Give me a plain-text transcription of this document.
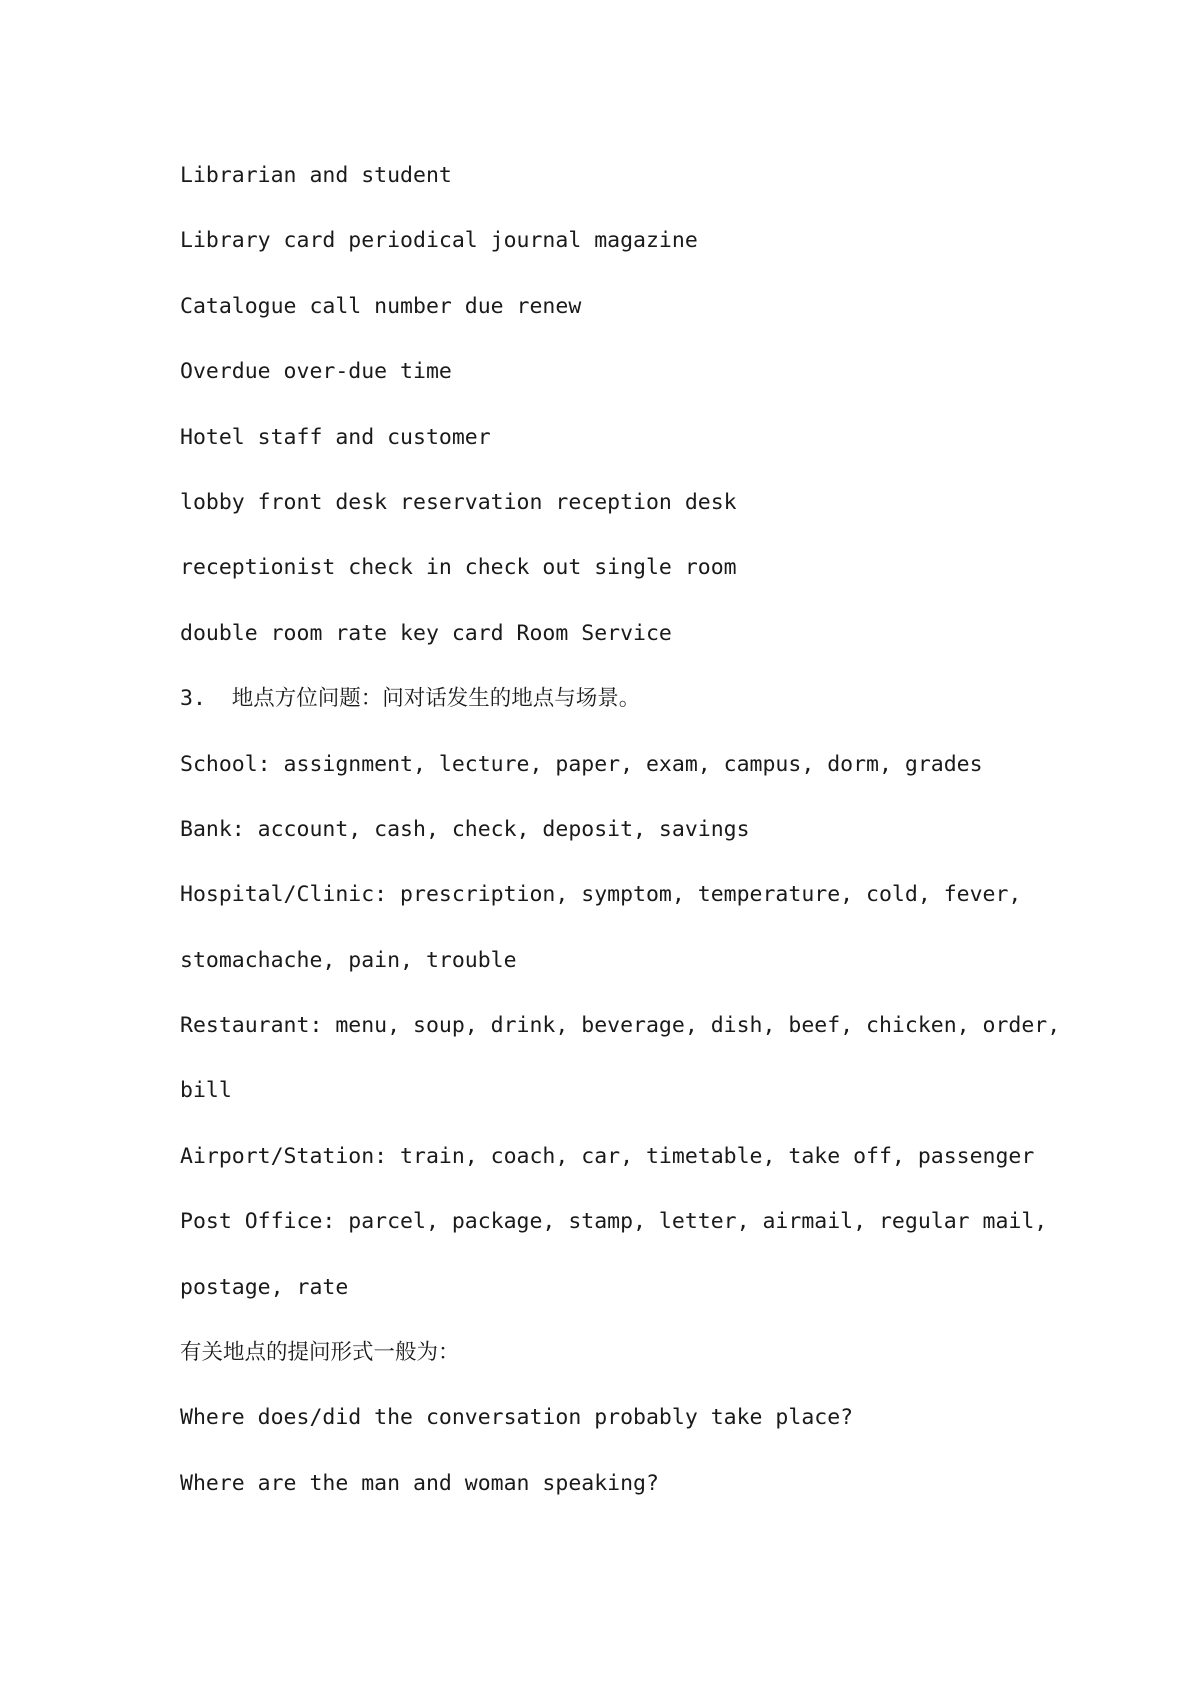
Librarian and student

Library card periodical journal magazine

Catalogue call number due renew

Overdue over-due time

Hotel staff and customer

lobby front desk reservation reception desk

receptionist check in check out single room

double room rate key card Room Service

3.  地点方位问题：问对话发生的地点与场景。

School: assignment, lecture, paper, exam, campus, dorm, grades

Bank: account, cash, check, deposit, savings

Hospital/Clinic: prescription, symptom, temperature, cold, fever,

stomachache, pain, trouble

Restaurant: menu, soup, drink, beverage, dish, beef, chicken, order,

bill

Airport/Station: train, coach, car, timetable, take off, passenger

Post Office: parcel, package, stamp, letter, airmail, regular mail,

postage, rate

有关地点的提问形式一般为：

Where does/did the conversation probably take place?

Where are the man and woman speaking?
